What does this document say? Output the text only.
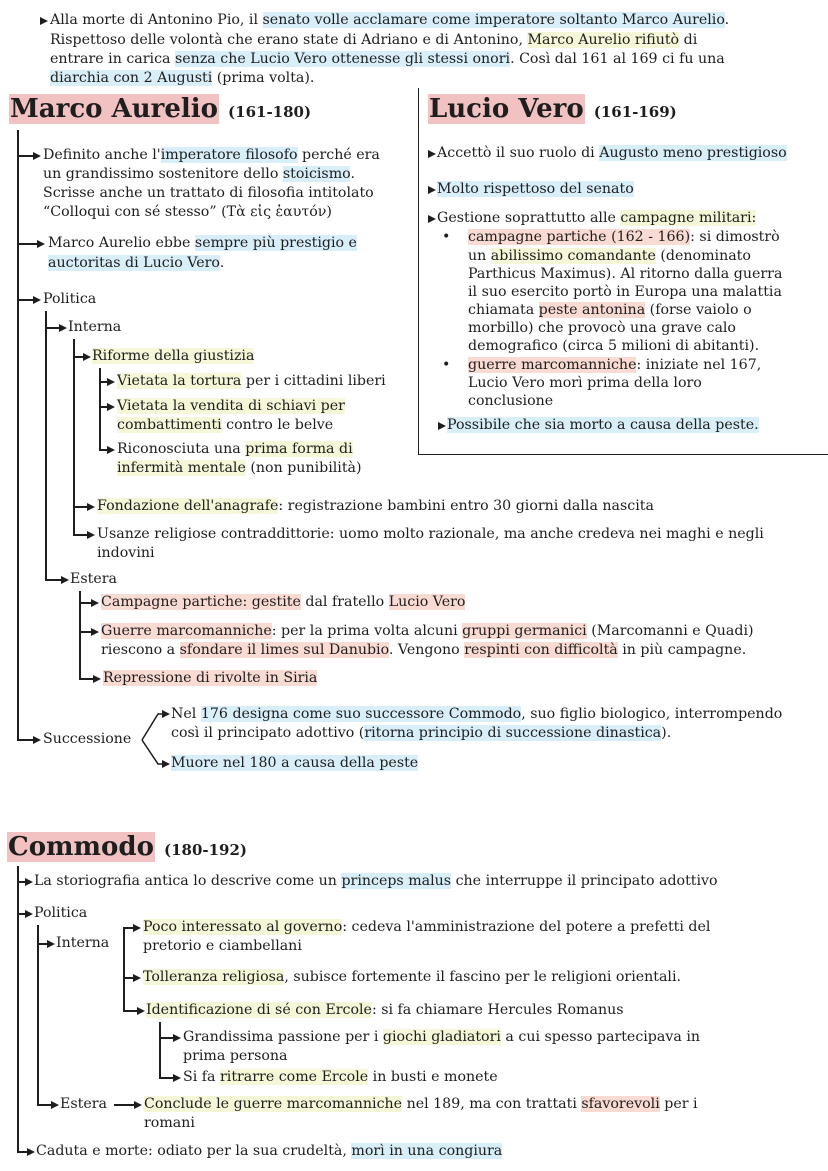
Alla morte di Antonino Pio, il senato volle acclamare come imperatore soltanto Marco Aurelio.

Rispettoso delle volontà che erano state di Adriano e di Antonino, Marco Aurelio rifiutò di

entrare in carica senza che Lucio Vero ottenesse gli stessi onori. Così dal 161 al 169 ci fu una

diarchia con 2 Augusti (prima volta).

Marco Aurelio (161-180)

Definito anche l'imperatore filosofo perché era

un grandissimo sostenitore dello stoicismo.

Scrisse anche un trattato di filosofia intitolato

“Colloqui con sé stesso” (Τὰ εἰς ἑαυτόν)

Marco Aurelio ebbe sempre più prestigio e

auctoritas di Lucio Vero.

Politica

Interna

Riforme della giustizia

Vietata la tortura per i cittadini liberi

Vietata la vendita di schiavi per

combattimenti contro le belve

Riconosciuta una prima forma di

infermità mentale (non punibilità)

Fondazione dell'anagrafe: registrazione bambini entro 30 giorni dalla nascita

Usanze religiose contraddittorie: uomo molto razionale, ma anche credeva nei maghi e negli

indovini

Estera

Campagne partiche: gestite dal fratello Lucio Vero

Guerre marcomanniche: per la prima volta alcuni gruppi germanici (Marcomanni e Quadi)

riescono a sfondare il limes sul Danubio. Vengono respinti con difficoltà in più campagne.

Repressione di rivolte in Siria

Successione

Nel 176 designa come suo successore Commodo, suo figlio biologico, interrompendo

così il principato adottivo (ritorna principio di successione dinastica).

Muore nel 180 a causa della peste

Lucio Vero (161-169)

Accettò il suo ruolo di Augusto meno prestigioso

Molto rispettoso del senato

Gestione soprattutto alle campagne militari:

• campagne partiche (162 - 166): si dimostrò

un abilissimo comandante (denominato

Parthicus Maximus). Al ritorno dalla guerra

il suo esercito portò in Europa una malattia

chiamata peste antonina (forse vaiolo o

morbillo) che provocò una grave calo

demografico (circa 5 milioni di abitanti).

• guerre marcomanniche: iniziate nel 167,

Lucio Vero morì prima della loro

conclusione

Possibile che sia morto a causa della peste.

Commodo (180-192)

La storiografia antica lo descrive come un princeps malus che interruppe il principato adottivo

Politica

Interna

Poco interessato al governo: cedeva l'amministrazione del potere a prefetti del

pretorio e ciambellani

Tolleranza religiosa, subisce fortemente il fascino per le religioni orientali.

Identificazione di sé con Ercole: si fa chiamare Hercules Romanus

Grandissima passione per i giochi gladiatori a cui spesso partecipava in

prima persona

Si fa ritrarre come Ercole in busti e monete

Estera	Conclude le guerre marcomanniche nel 189, ma con trattati sfavorevoli per i

romani

Caduta e morte: odiato per la sua crudeltà, morì in una congiura
